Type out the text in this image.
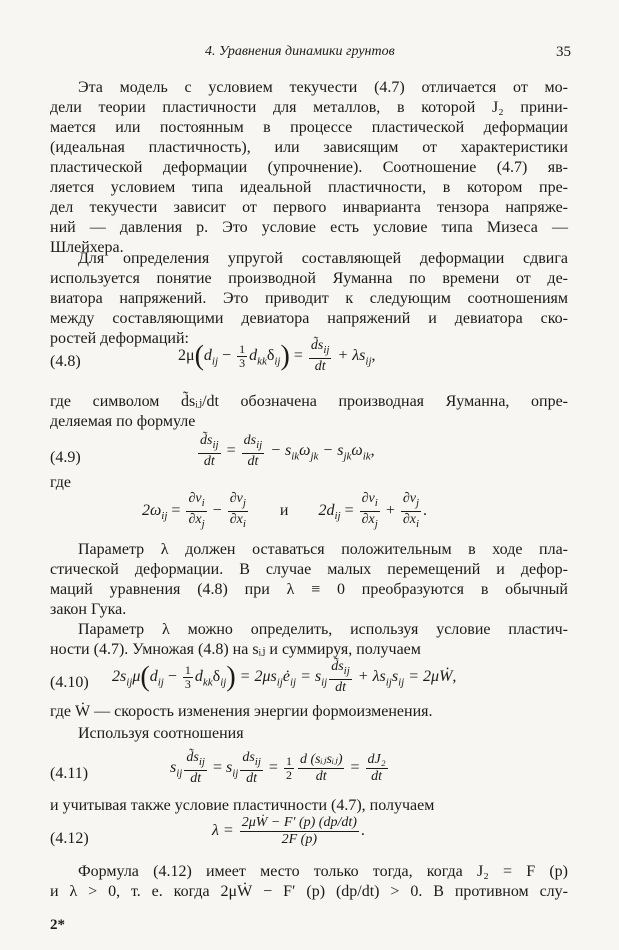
4. Уравнения динамики грунтов	35
Эта модель с условием текучести (4.7) отличается от мо-
дели теории пластичности для металлов, в которой J₂ прини-
мается или постоянным в процессе пластической деформации
(идеальная пластичность), или зависящим от характеристики
пластической деформации (упрочнение). Соотношение (4.7) яв-
ляется условием типа идеальной пластичности, в котором пре-
дел текучести зависит от первого инварианта тензора напряже-
ний — давления p. Это условие есть условие типа Мизеса —
Шлейхера.
Для определения упругой составляющей деформации сдвига
используется понятие производной Яуманна по времени от де-
виатора напряжений. Это приводит к следующим соотношениям
между составляющими девиатора напряжений и девиатора ско-
ростей деформаций:
(4.8)	$2\mu(d_{ij} - \frac{1}{3} d_{kk}\delta_{ij}) = \frac{d̃s_{ij}}{dt} + \lambda s_{ij}$,
где символом d̃sᵢⱼ/dt обозначена производная Яуманна, опре-
деляемая по формуле
(4.9)	$\frac{d̃s_{ij}}{dt} = \frac{ds_{ij}}{dt} - s_{ik}\omega_{jk} - s_{jk}\omega_{ik}$,
где
$2\omega_{ij} = \frac{\partial v_i}{\partial x_j} - \frac{\partial v_j}{\partial x_i}$ и $2d_{ij} = \frac{\partial v_i}{\partial x_j} + \frac{\partial v_j}{\partial x_i}$ .
Параметр λ должен оставаться положительным в ходе пла-
стической деформации. В случае малых перемещений и дефор-
маций уравнения (4.8) при λ ≡ 0 преобразуются в обычный
закон Гука.
Параметр λ можно определить, используя условие пластич-
ности (4.7). Умножая (4.8) на sᵢⱼ и суммируя, получаем
(4.10) $2s_{ij}\mu(d_{ij} - \frac{1}{3} d_{kk}\delta_{ij})$ = $2\mu s_{ij}ė_{ij} = s_{ij} \frac{d̃s_{ij}}{dt} + \lambda s_{ij}s_{ij}$ = 2μẆ,
где Ẇ — скорость изменения энергии формоизменения.
Используя соотношения
(4.11)	$s_{ij} \frac{d̃s_{ij}}{dt} = s_{ij} \frac{ds_{ij}}{dt} = \frac{1}{2} \frac{\text{d (sᵢⱼsᵢⱼ)}}{dt} = \frac{\text{dJ₂}}{dt}$
и учитывая также условие пластичности (4.7), получаем
(4.12)	$\lambda = \frac{\text{2μẆ − F′ (p) (dp/dt)}}{2F (p)}$ .
Формула (4.12) имеет место только тогда, когда J₂ = F (p)
и λ > 0, т. е. когда 2μẆ − F′ (p) (dp/dt) > 0. В противном слу-
2*
